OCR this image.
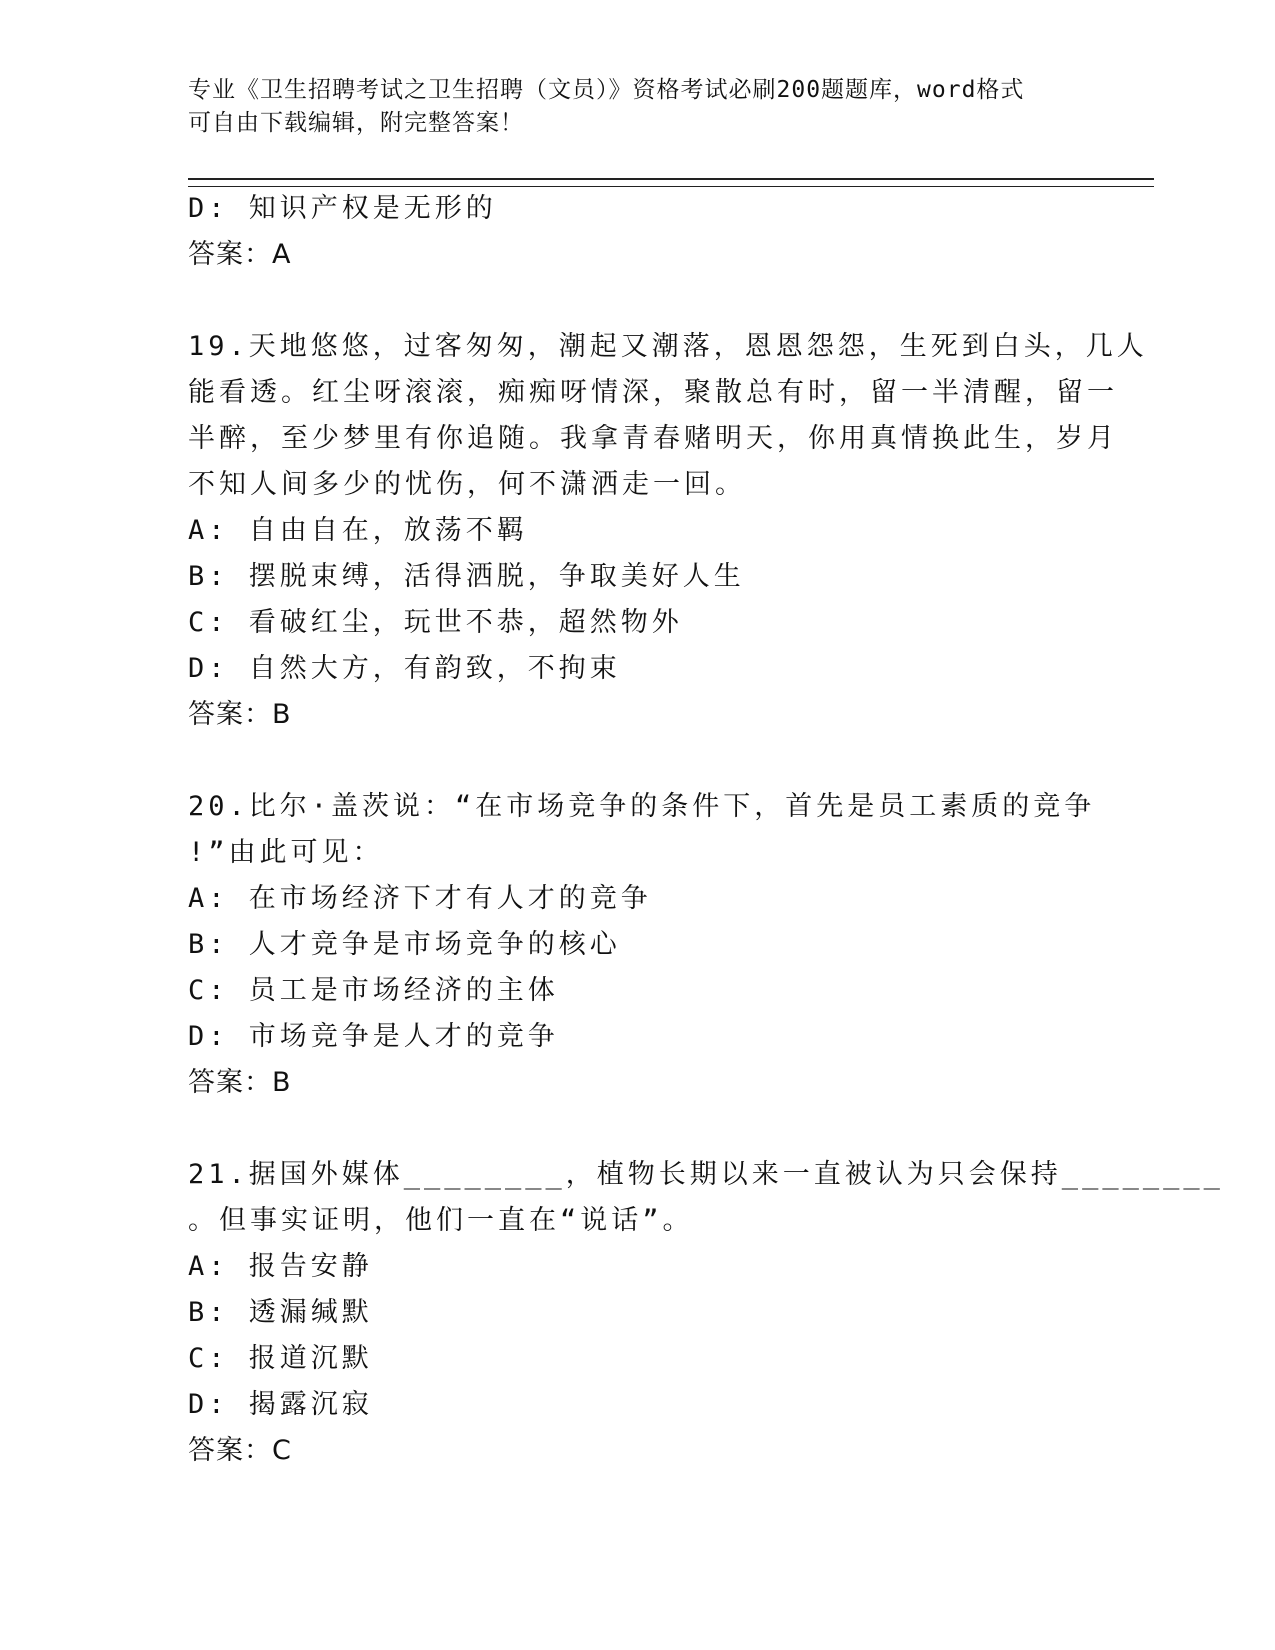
专业《卫生招聘考试之卫生招聘（文员）》资格考试必刷200题题库，word格式
可自由下载编辑，附完整答案！
D: 知识产权是无形的
答案：A
19.天地悠悠，过客匆匆，潮起又潮落，恩恩怨怨，生死到白头，几人
能看透。红尘呀滚滚，痴痴呀情深，聚散总有时，留一半清醒，留一
半醉，至少梦里有你追随。我拿青春赌明天，你用真情换此生，岁月
不知人间多少的忧伤，何不潇洒走一回。
A: 自由自在，放荡不羁
B: 摆脱束缚，活得洒脱，争取美好人生
C: 看破红尘，玩世不恭，超然物外
D: 自然大方，有韵致，不拘束
答案：B
20.比尔·盖茨说：“在市场竞争的条件下，首先是员工素质的竞争
!”由此可见：
A: 在市场经济下才有人才的竞争
B: 人才竞争是市场竞争的核心
C: 员工是市场经济的主体
D: 市场竞争是人才的竞争
答案：B
21.据国外媒体________，植物长期以来一直被认为只会保持________
。但事实证明，他们一直在“说话”。
A: 报告安静
B: 透漏缄默
C: 报道沉默
D: 揭露沉寂
答案：C
